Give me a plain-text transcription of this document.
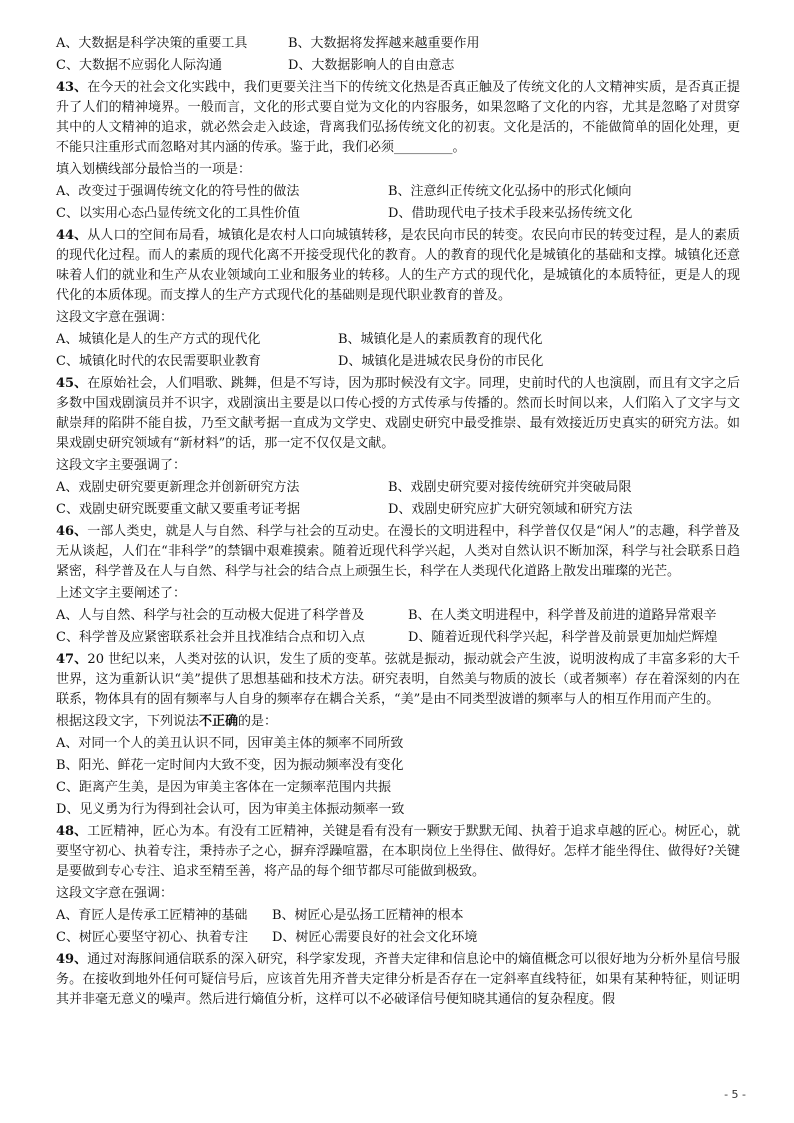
A、大数据是科学决策的重要工具	B、大数据将发挥越来越重要作用
C、大数据不应弱化人际沟通	D、大数据影响人的自由意志

43、在今天的社会文化实践中，我们更要关注当下的传统文化热是否真正触及了传统文化的人文精神实质，是否真正提升了人们的精神境界。一般而言，文化的形式要自觉为文化的内容服务，如果忽略了文化的内容，尤其是忽略了对贯穿其中的人文精神的追求，就必然会走入歧途，背离我们弘扬传统文化的初衷。文化是活的，不能做简单的固化处理，更不能只注重形式而忽略对其内涵的传承。鉴于此，我们必须_________。

填入划横线部分最恰当的一项是：

A、改变过于强调传统文化的符号性的做法	B、注意纠正传统文化弘扬中的形式化倾向
C、以实用心态凸显传统文化的工具性价值	D、借助现代电子技术手段来弘扬传统文化

44、从人口的空间布局看，城镇化是农村人口向城镇转移，是农民向市民的转变。农民向市民的转变过程，是人的素质的现代化过程。而人的素质的现代化离不开接受现代化的教育。人的教育的现代化是城镇化的基础和支撑。城镇化还意味着人们的就业和生产从农业领域向工业和服务业的转移。人的生产方式的现代化，是城镇化的本质特征，更是人的现代化的本质体现。而支撑人的生产方式现代化的基础则是现代职业教育的普及。

这段文字意在强调：

A、城镇化是人的生产方式的现代化	B、城镇化是人的素质教育的现代化
C、城镇化时代的农民需要职业教育	D、城镇化是进城农民身份的市民化

45、在原始社会，人们唱歌、跳舞，但是不写诗，因为那时候没有文字。同理，史前时代的人也演剧，而且有文字之后多数中国戏剧演员并不识字，戏剧演出主要是以口传心授的方式传承与传播的。然而长时间以来，人们陷入了文字与文献崇拜的陷阱不能自拔，乃至文献考据一直成为文学史、戏剧史研究中最受推崇、最有效接近历史真实的研究方法。如果戏剧史研究领域有“新材料”的话，那一定不仅仅是文献。

这段文字主要强调了：

A、戏剧史研究要更新理念并创新研究方法	B、戏剧史研究要对接传统研究并突破局限
C、戏剧史研究既要重文献又要重考证考据	D、戏剧史研究应扩大研究领域和研究方法

46、一部人类史，就是人与自然、科学与社会的互动史。在漫长的文明进程中，科学普仅仅是“闲人”的志趣，科学普及无从谈起，人们在“非科学”的禁锢中艰难摸索。随着近现代科学兴起，人类对自然认识不断加深，科学与社会联系日趋紧密，科学普及在人与自然、科学与社会的结合点上顽强生长，科学在人类现代化道路上散发出璀璨的光芒。

上述文字主要阐述了：

A、人与自然、科学与社会的互动极大促进了科学普及	B、在人类文明进程中，科学普及前进的道路异常艰辛
C、科学普及应紧密联系社会并且找准结合点和切入点	D、随着近现代科学兴起，科学普及前景更加灿烂辉煌

47、20 世纪以来，人类对弦的认识，发生了质的变革。弦就是振动，振动就会产生波，说明波构成了丰富多彩的大千世界，这为重新认识“美”提供了思想基础和技术方法。研究表明，自然美与物质的波长（或者频率）存在着深刻的内在联系，物体具有的固有频率与人自身的频率存在耦合关系，“美”是由不同类型波谱的频率与人的相互作用而产生的。

根据这段文字，下列说法不正确的是：

A、对同一个人的美丑认识不同，因审美主体的频率不同所致

B、阳光、鲜花一定时间内大致不变，因为振动频率没有变化

C、距离产生美，是因为审美主客体在一定频率范围内共振

D、见义勇为行为得到社会认可，因为审美主体振动频率一致

48、工匠精神，匠心为本。有没有工匠精神，关键是看有没有一颗安于默默无闻、执着于追求卓越的匠心。树匠心，就要坚守初心、执着专注，秉持赤子之心，摒弃浮躁喧嚣，在本职岗位上坐得住、做得好。怎样才能坐得住、做得好?关键是要做到专心专注、追求至精至善，将产品的每个细节都尽可能做到极致。

这段文字意在强调：

A、育匠人是传承工匠精神的基础	B、树匠心是弘扬工匠精神的根本
C、树匠心要坚守初心、执着专注	D、树匠心需要良好的社会文化环境

49、通过对海豚间通信联系的深入研究，科学家发现，齐普夫定律和信息论中的熵值概念可以很好地为分析外星信号服务。在接收到地外任何可疑信号后，应该首先用齐普夫定律分析是否存在一定斜率直线特征，如果有某种特征，则证明其并非毫无意义的噪声。然后进行熵值分析，这样可以不必破译信号便知晓其通信的复杂程度。假

- 5 -
